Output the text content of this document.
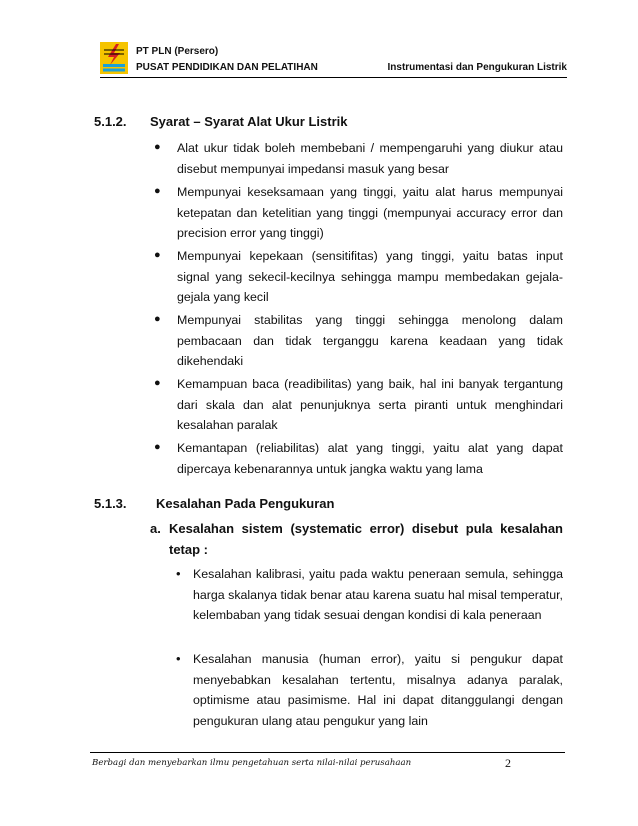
PT PLN (Persero)
PUSAT PENDIDIKAN DAN PELATIHAN	Instrumentasi dan Pengukuran Listrik
5.1.2. Syarat – Syarat Alat Ukur Listrik
● Alat ukur tidak boleh membebani / mempengaruhi yang diukur atau disebut mempunyai impedansi masuk yang besar
● Mempunyai keseksamaan yang tinggi, yaitu alat harus mempunyai ketepatan dan ketelitian yang tinggi (mempunyai accuracy error dan precision error yang tinggi)
● Mempunyai kepekaan (sensitifitas) yang tinggi, yaitu batas input signal yang sekecil-kecilnya sehingga mampu membedakan gejala-gejala yang kecil
● Mempunyai stabilitas yang tinggi sehingga menolong dalam pembacaan dan tidak terganggu karena keadaan yang tidak dikehendaki
● Kemampuan baca (readibilitas) yang baik, hal ini banyak tergantung dari skala dan alat penunjuknya serta piranti untuk menghindari kesalahan paralak
● Kemantapan (reliabilitas) alat yang tinggi, yaitu alat yang dapat dipercaya kebenarannya untuk jangka waktu yang lama
5.1.3. Kesalahan Pada Pengukuran
a. Kesalahan sistem (systematic error) disebut pula kesalahan tetap :
• Kesalahan kalibrasi, yaitu pada waktu peneraan semula, sehingga harga skalanya tidak benar atau karena suatu hal misal temperatur, kelembaban yang tidak sesuai dengan kondisi di kala peneraan
• Kesalahan manusia (human error), yaitu si pengukur dapat menyebabkan kesalahan tertentu, misalnya adanya paralak, optimisme atau pasimisme. Hal ini dapat ditanggulangi dengan pengukuran ulang atau pengukur yang lain
Berbagi dan menyebarkan ilmu pengetahuan serta nilai-nilai perusahaan	2
